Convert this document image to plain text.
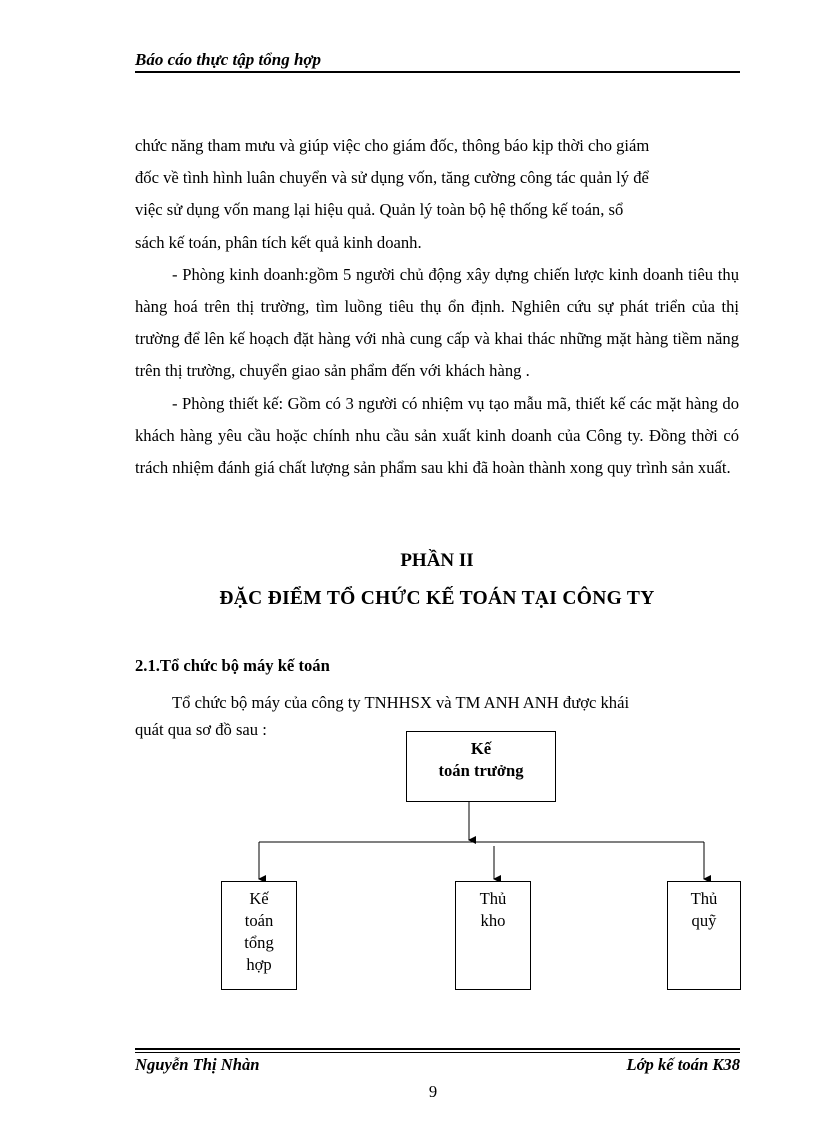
Báo cáo thực tập tổng hợp

chức năng tham mưu và giúp việc cho giám đốc, thông báo kịp thời cho giám

đốc về tình hình luân chuyển và sử dụng vốn, tăng cường công tác quản lý để

việc sử dụng vốn mang lại hiệu quả. Quản lý toàn bộ hệ thống kế toán, sổ

sách kế toán, phân tích kết quả kinh doanh.

- Phòng kinh doanh:gồm 5 người chủ động xây dựng chiến lược kinh doanh tiêu thụ hàng hoá trên thị trường, tìm luồng tiêu thụ ổn định. Nghiên cứu sự phát triển của thị trường để lên kế hoạch đặt hàng với nhà cung cấp và khai thác những mặt hàng tiềm năng trên thị trường, chuyển giao sản phẩm đến với khách hàng .

- Phòng thiết kế: Gồm có 3 người có nhiệm vụ tạo mẫu mã, thiết kế các mặt hàng do khách hàng yêu cầu hoặc chính nhu cầu sản xuất kinh doanh của Công ty. Đồng thời có trách nhiệm đánh giá chất lượng sản phẩm sau khi đã hoàn thành xong quy trình sản xuất.

PHẦN II
ĐẶC ĐIỂM TỔ CHỨC KẾ TOÁN TẠI CÔNG TY
2.1.Tổ chức bộ máy kế toán

Tổ chức bộ máy của công ty TNHHSX và TM ANH ANH được khái

quát qua sơ đồ sau :
Kế
toán trưởng
Kế
toán
tổng
hợp
Thủ
kho
Thủ
quỹ
Nguyễn Thị Nhàn	Lớp kế toán K38
9
